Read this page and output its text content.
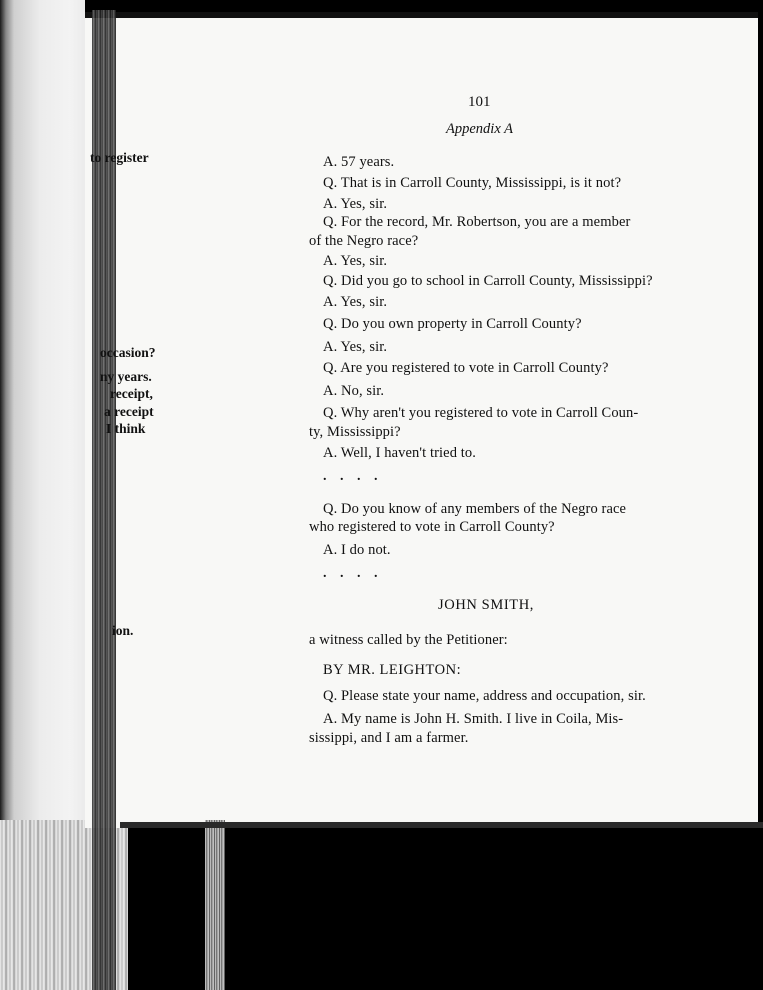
to register
occasion?
ny years.
receipt,
a receipt
I think
ion.
101
Appendix A
A. 57 years.
Q. That is in Carroll County, Mississippi, is it not?
A. Yes, sir.
Q. For the record, Mr. Robertson, you are a member
of the Negro race?
A. Yes, sir.
Q. Did you go to school in Carroll County, Mississippi?
A. Yes, sir.
Q. Do you own property in Carroll County?
A. Yes, sir.
Q. Are you registered to vote in Carroll County?
A. No, sir.
Q. Why aren't you registered to vote in Carroll Coun-
ty, Mississippi?
A. Well, I haven't tried to.
. . . .
Q. Do you know of any members of the Negro race
who registered to vote in Carroll County?
A. I do not.
. . . .
JOHN SMITH,
a witness called by the Petitioner:
BY MR. LEIGHTON:
Q. Please state your name, address and occupation, sir.
A. My name is John H. Smith. I live in Coila, Mis-
sissippi, and I am a farmer.
